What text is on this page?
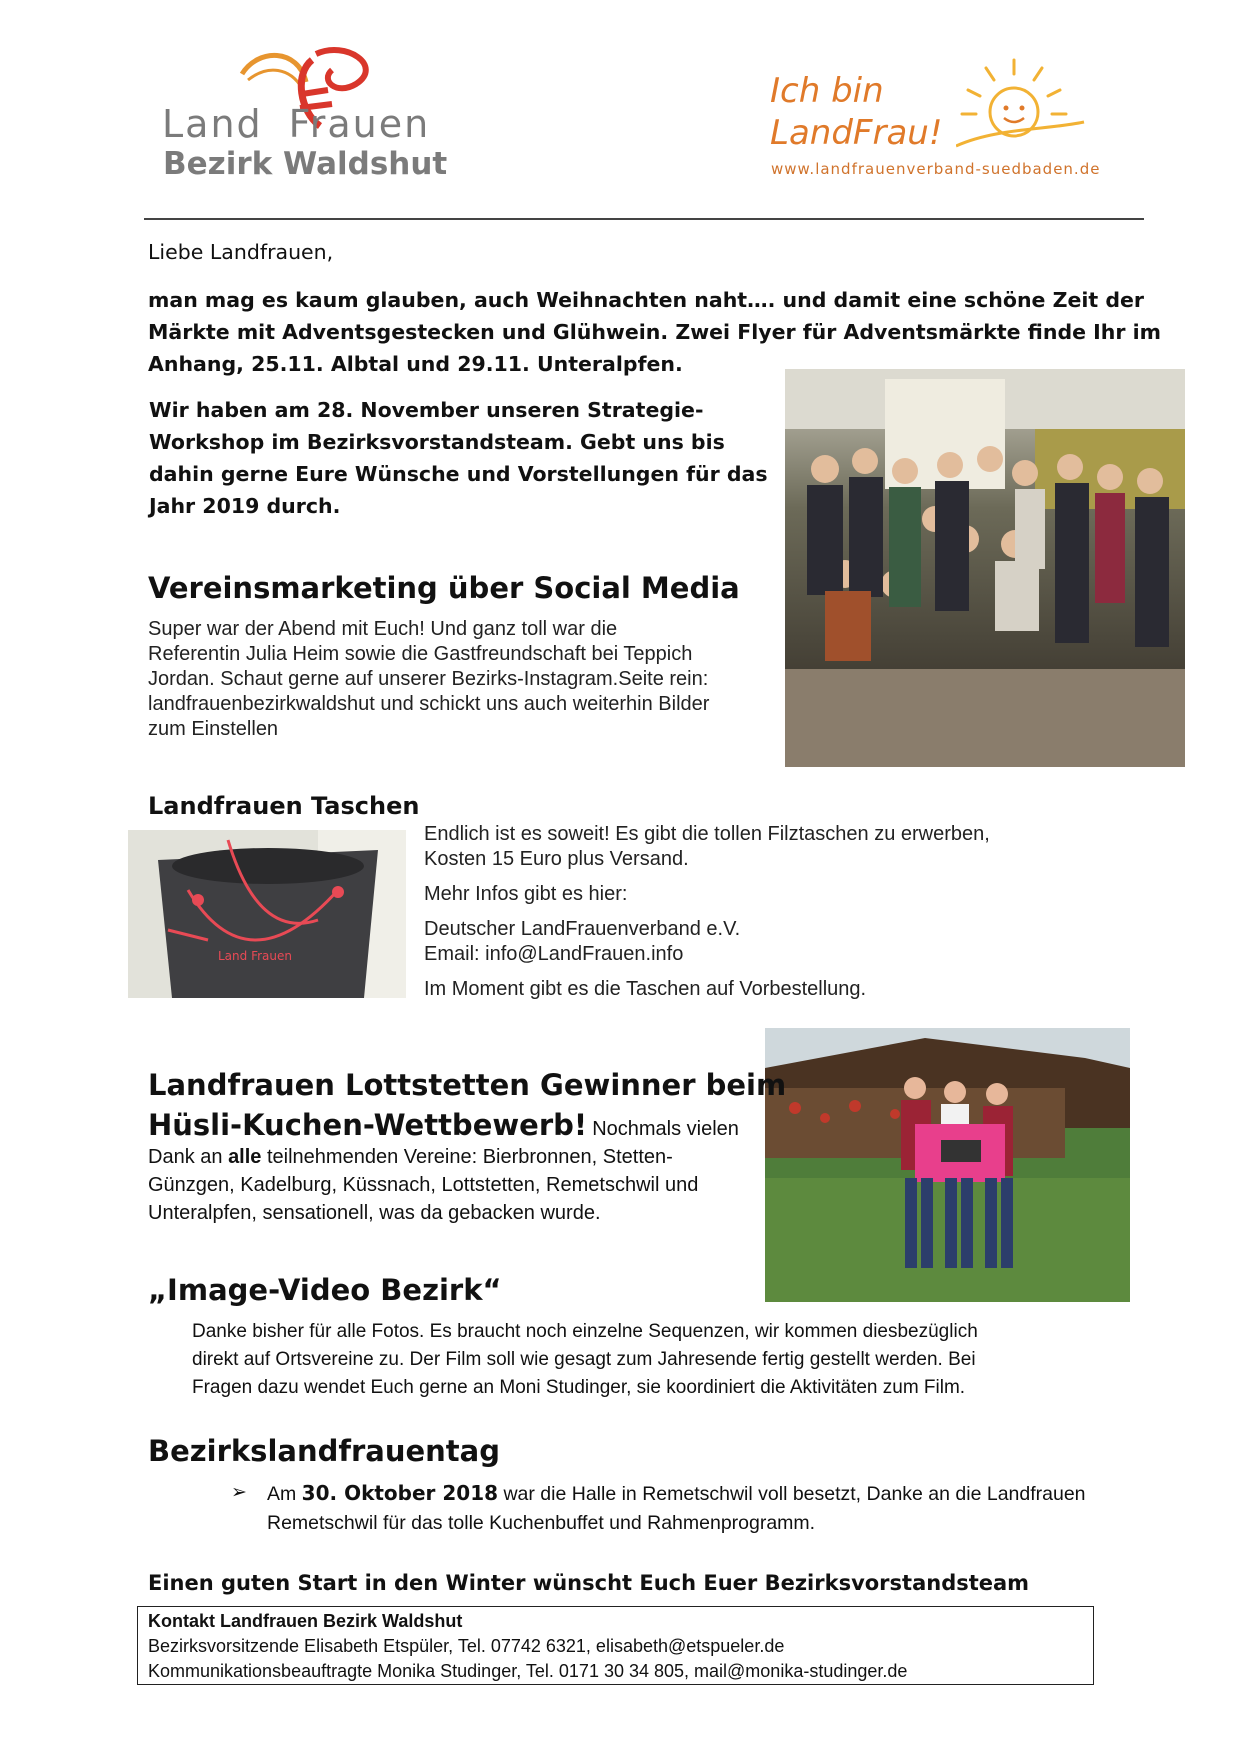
Land Frauen
Bezirk Waldshut
Ich bin
LandFrau!
www.landfrauenverband-suedbaden.de
Liebe Landfrauen,
man mag es kaum glauben, auch Weihnachten naht…. und damit eine schöne Zeit der
Märkte mit Adventsgestecken und Glühwein. Zwei Flyer für Adventsmärkte finde Ihr im
Anhang, 25.11. Albtal und 29.11. Unteralpfen.
Wir haben am 28. November unseren Strategie-
Workshop im Bezirksvorstandsteam. Gebt uns bis
dahin gerne Eure Wünsche und Vorstellungen für das
Jahr 2019 durch.
Vereinsmarketing über Social Media
Super war der Abend mit Euch! Und ganz toll war die
Referentin Julia Heim sowie die Gastfreundschaft bei Teppich
Jordan. Schaut gerne auf unserer Bezirks-Instagram.Seite rein:
landfrauenbezirkwaldshut und schickt uns auch weiterhin Bilder
zum Einstellen
Landfrauen Taschen
Land Frauen
Endlich ist es soweit! Es gibt die tollen Filztaschen zu erwerben,
Kosten 15 Euro plus Versand.
Mehr Infos gibt es hier:
Deutscher LandFrauenverband e.V.
Email: info@LandFrauen.info
Im Moment gibt es die Taschen auf Vorbestellung.
Landfrauen Lottstetten Gewinner beim
Hüsli-Kuchen-Wettbewerb! Nochmals vielen
Dank an alle teilnehmenden Vereine: Bierbronnen, Stetten-
Günzgen, Kadelburg, Küssnach, Lottstetten, Remetschwil und
Unteralpfen, sensationell, was da gebacken wurde.
„Image-Video Bezirk“
Danke bisher für alle Fotos. Es braucht noch einzelne Sequenzen, wir kommen diesbezüglich
direkt auf Ortsvereine zu. Der Film soll wie gesagt zum Jahresende fertig gestellt werden. Bei
Fragen dazu wendet Euch gerne an Moni Studinger, sie koordiniert die Aktivitäten zum Film.
Bezirkslandfrauentag
➢ Am 30. Oktober 2018 war die Halle in Remetschwil voll besetzt, Danke an die Landfrauen
Remetschwil für das tolle Kuchenbuffet und Rahmenprogramm.
Einen guten Start in den Winter wünscht Euch Euer Bezirksvorstandsteam
Kontakt Landfrauen Bezirk Waldshut
Bezirksvorsitzende Elisabeth Etspüler, Tel. 07742 6321, elisabeth@etspueler.de
Kommunikationsbeauftragte Monika Studinger, Tel. 0171 30 34 805, mail@monika-studinger.de
